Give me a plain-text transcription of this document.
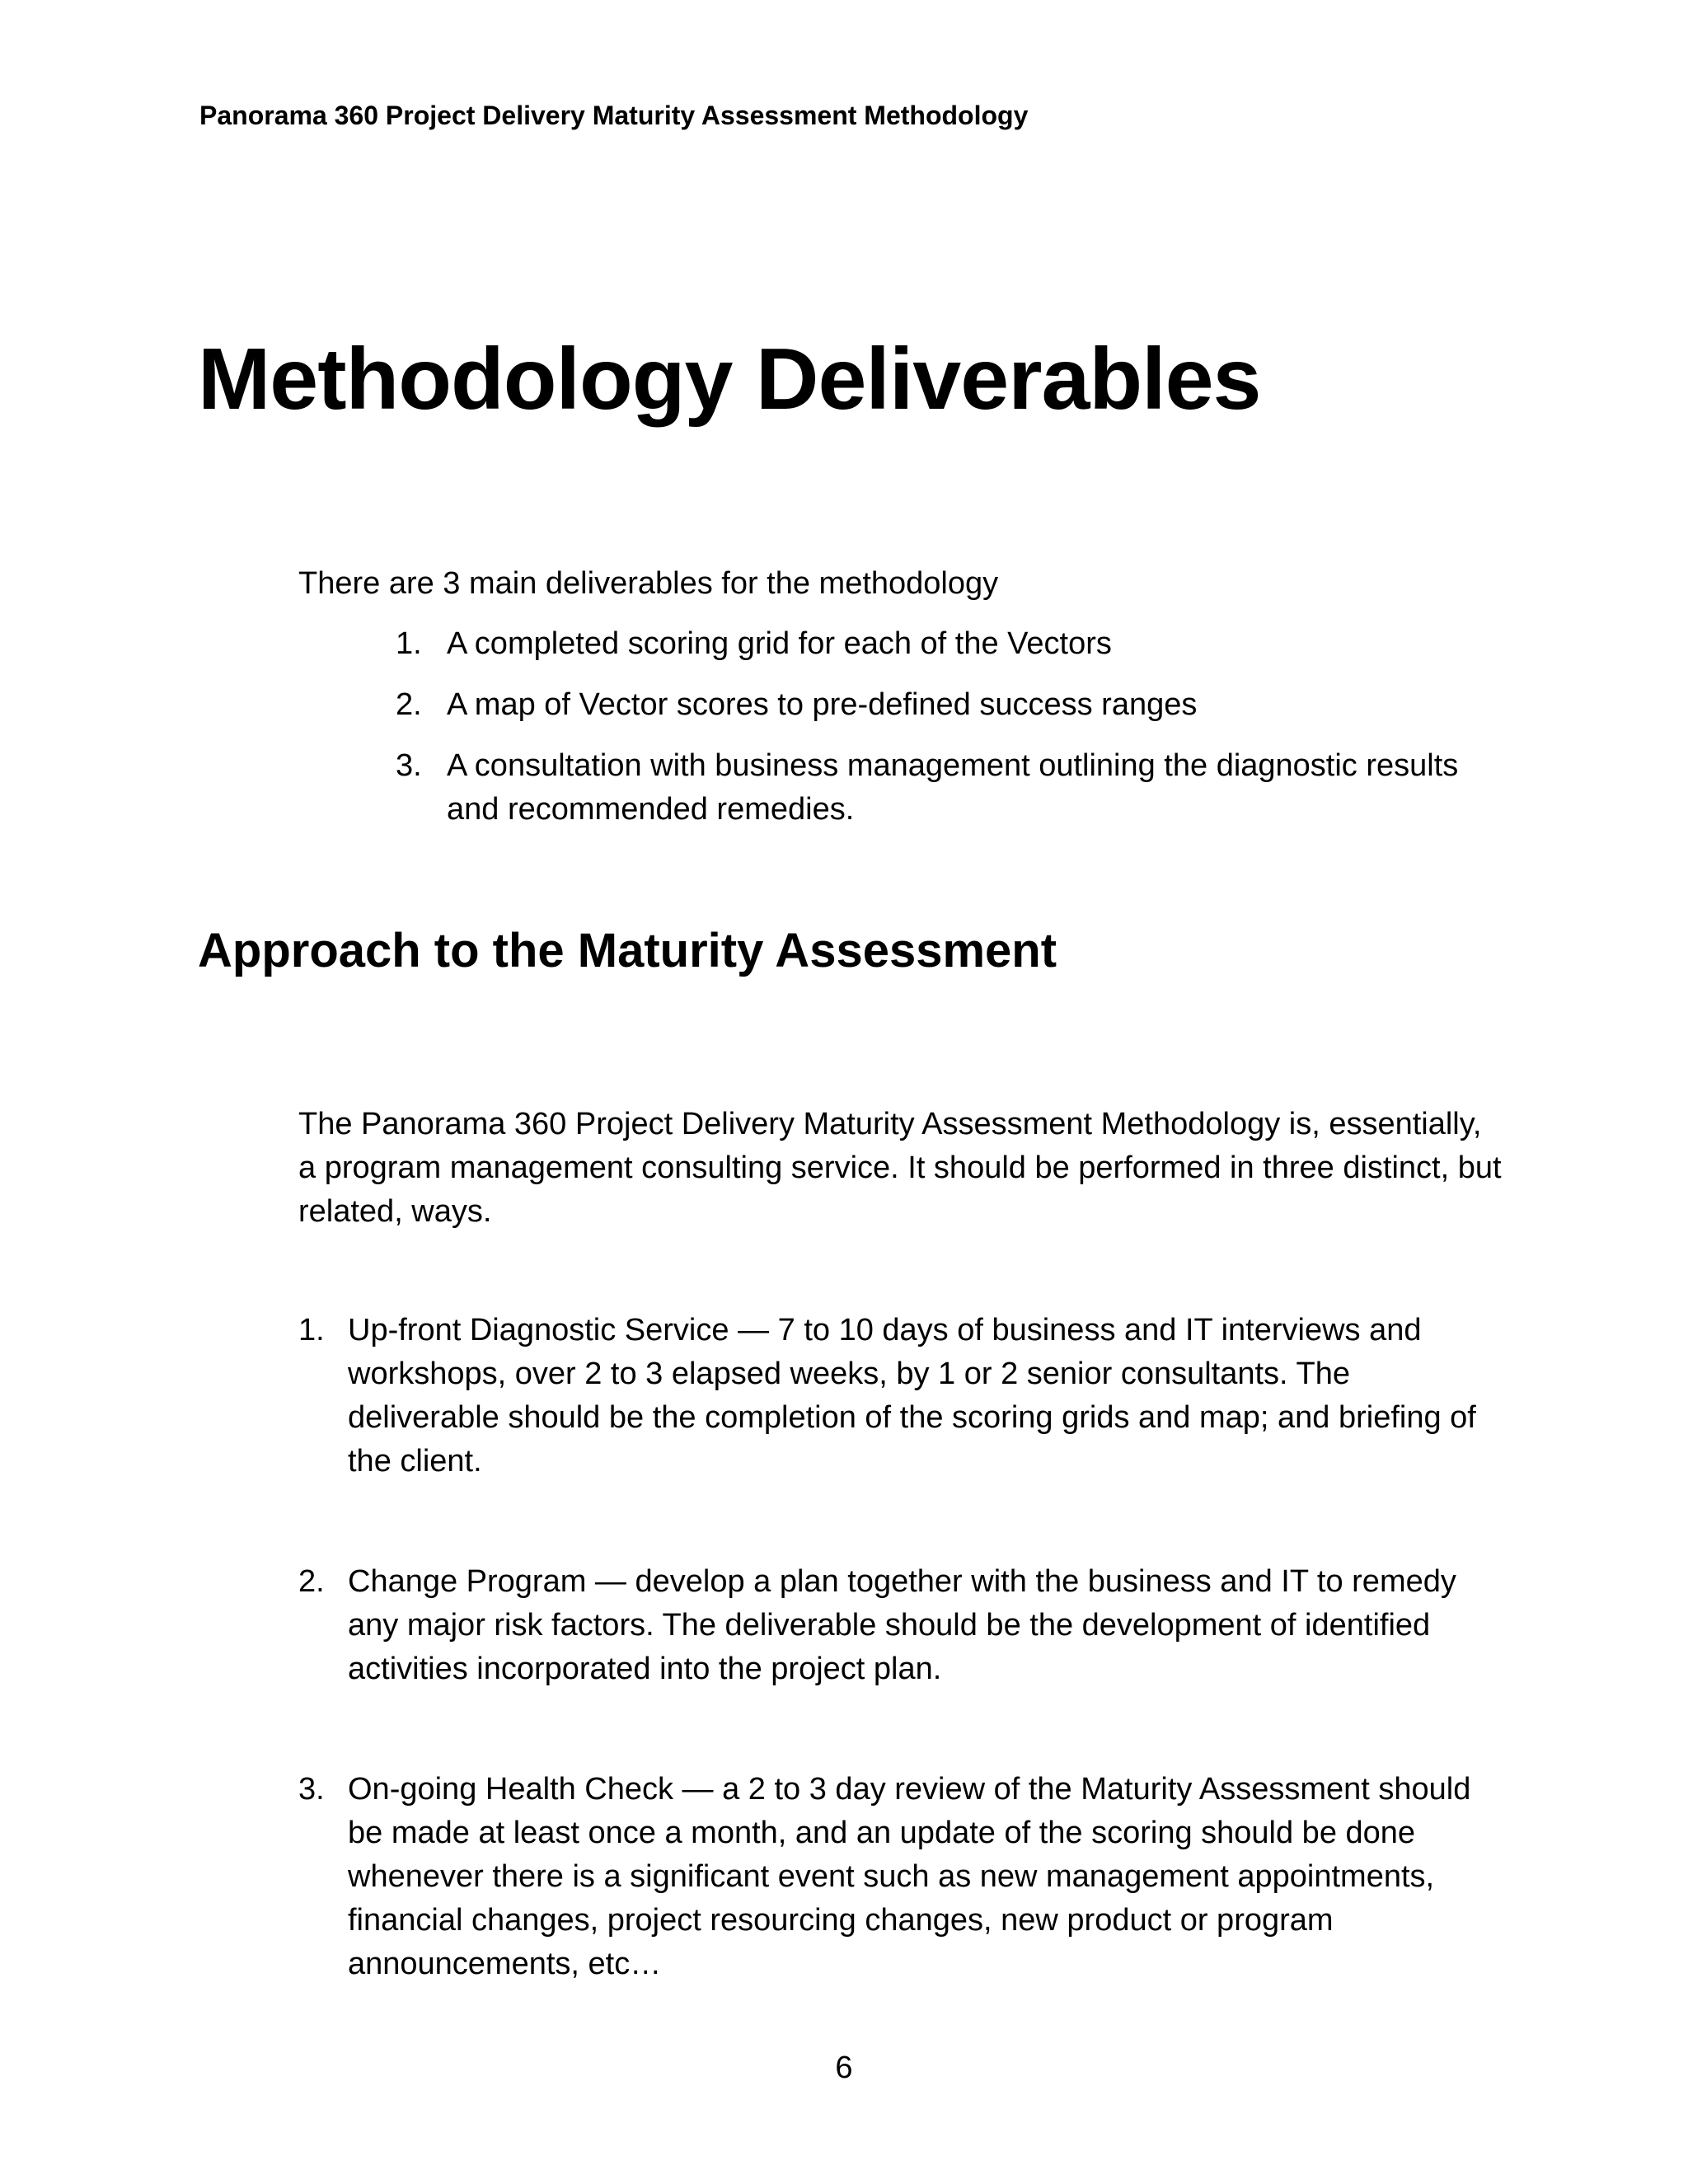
Panorama 360 Project Delivery Maturity Assessment Methodology
Methodology Deliverables
There are 3 main deliverables for the methodology
1. A completed scoring grid for each of the Vectors
2. A map of Vector scores to pre-defined success ranges
3. A consultation with business management outlining the diagnostic results and recommended remedies.
Approach to the Maturity Assessment

The Panorama 360 Project Delivery Maturity Assessment Methodology is, essentially, a program management consulting service. It should be performed in three distinct, but related, ways.

1. Up-front Diagnostic Service — 7 to 10 days of business and IT interviews and workshops, over 2 to 3 elapsed weeks, by 1 or 2 senior consultants. The deliverable should be the completion of the scoring grids and map; and briefing of the client.
2. Change Program — develop a plan together with the business and IT to remedy any major risk factors. The deliverable should be the development of identified activities incorporated into the project plan.
3. On-going Health Check — a 2 to 3 day review of the Maturity Assessment should be made at least once a month, and an update of the scoring should be done whenever there is a significant event such as new management appointments, financial changes, project resourcing changes, new product or program announcements, etc…
6
